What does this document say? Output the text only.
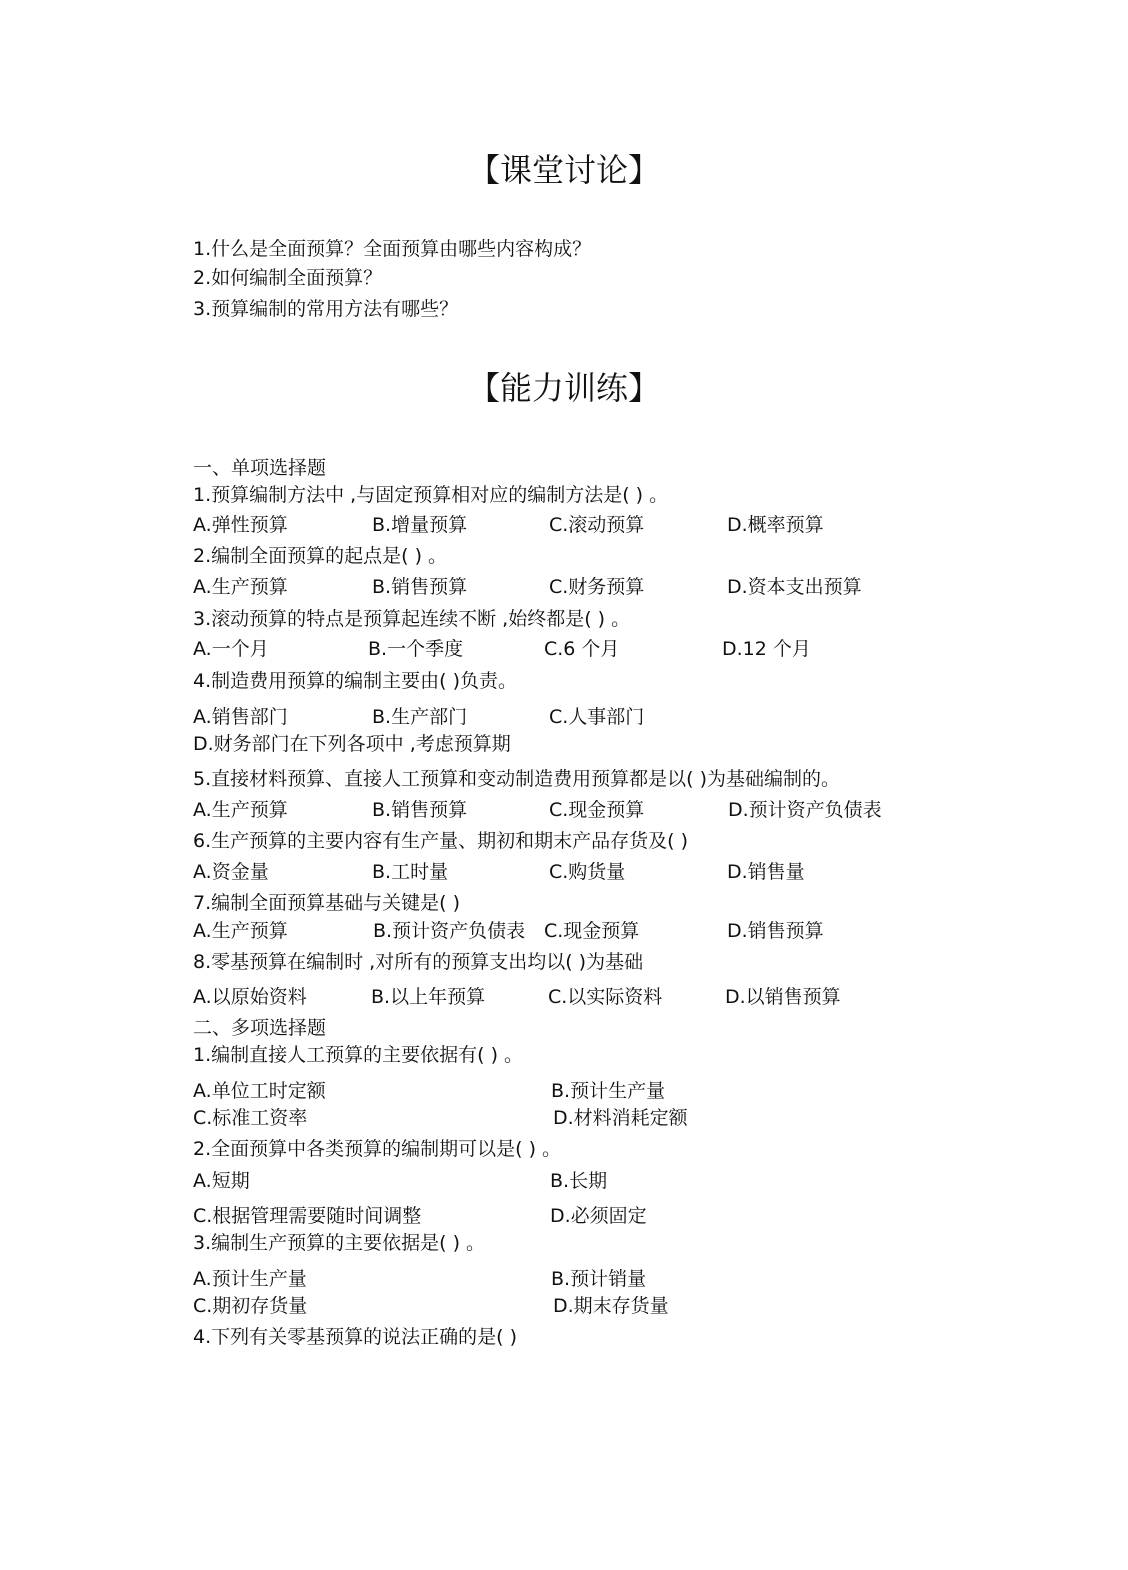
【课堂讨论】

1.什么是全面预算？全面预算由哪些内容构成？

2.如何编制全面预算？

3.预算编制的常用方法有哪些？

【能力训练】

一、单项选择题

1.预算编制方法中 ,与固定预算相对应的编制方法是( ) 。

A.弹性预算	B.增量预算	C.滚动预算	D.概率预算

2.编制全面预算的起点是( ) 。

A.生产预算	B.销售预算	C.财务预算	D.资本支出预算

3.滚动预算的特点是预算起连续不断 ,始终都是( ) 。

A.一个月	B.一个季度	C.6 个月	D.12 个月

4.制造费用预算的编制主要由( )负责。

A.销售部门	B.生产部门	C.人事部门

D.财务部门在下列各项中 ,考虑预算期

5.直接材料预算、直接人工预算和变动制造费用预算都是以( )为基础编制的。

A.生产预算	B.销售预算	C.现金预算	D.预计资产负债表

6.生产预算的主要内容有生产量、期初和期末产品存货及( )

A.资金量	B.工时量	C.购货量	D.销售量

7.编制全面预算基础与关键是( )

A.生产预算	B.预计资产负债表 C.现金预算	D.销售预算

8.零基预算在编制时 ,对所有的预算支出均以( )为基础

A.以原始资料	B.以上年预算	C.以实际资料	D.以销售预算

二、多项选择题

1.编制直接人工预算的主要依据有( ) 。

A.单位工时定额	B.预计生产量
C.标准工资率	D.材料消耗定额

2.全面预算中各类预算的编制期可以是( ) 。

A.短期	B.长期
C.根据管理需要随时间调整	D.必须固定

3.编制生产预算的主要依据是( ) 。

A.预计生产量	B.预计销量
C.期初存货量	D.期末存货量

4.下列有关零基预算的说法正确的是( )
